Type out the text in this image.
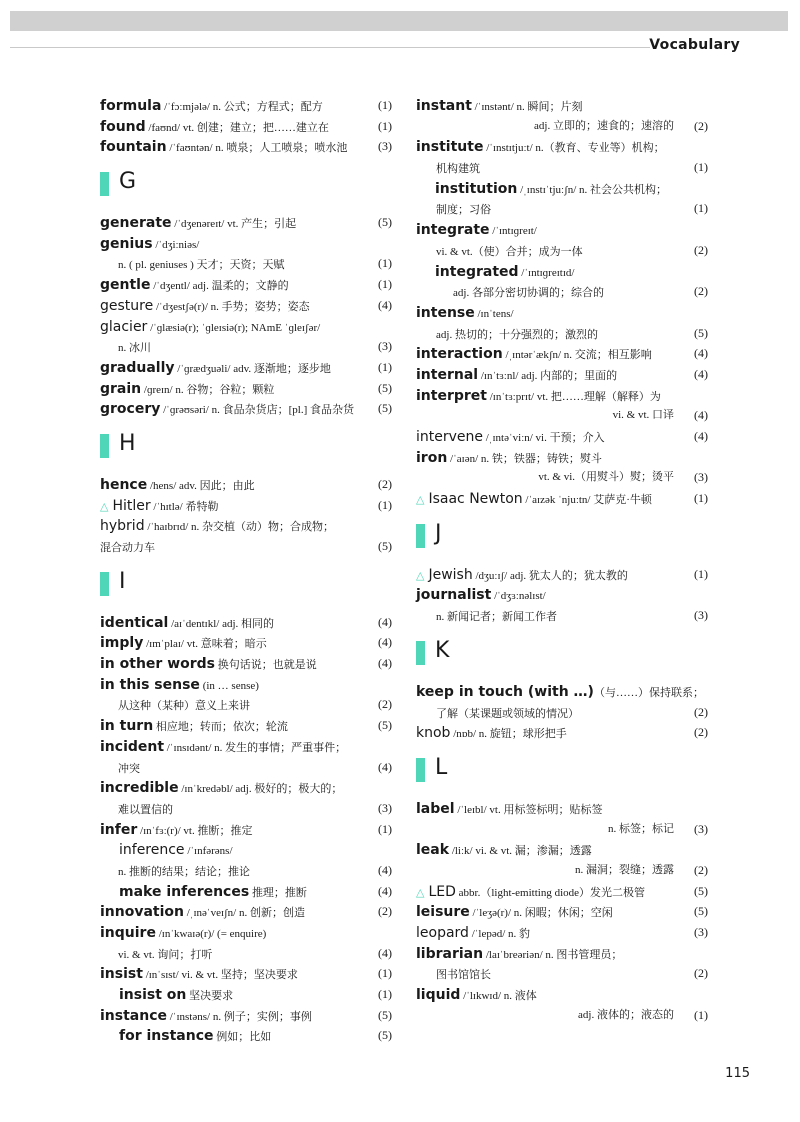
Vocabulary
formula /ˈfɔːmjələ/ n. 公式；方程式；配方	(1)
found /faʊnd/ vt. 创建；建立；把……建立在	(1)
fountain /ˈfaʊntən/ n. 喷泉；人工喷泉；喷水池	(3)
G
generate /ˈdʒenəreɪt/ vt. 产生；引起	(5)
genius /ˈdʒiːniəs/
n. ( pl. geniuses ) 天才；天资；天赋	(1)
gentle /ˈdʒentl/ adj. 温柔的；文静的	(1)
gesture /ˈdʒestʃə(r)/ n. 手势；姿势；姿态	(4)
glacier /ˈɡlæsiə(r); ˈɡleɪsiə(r); NAmE ˈɡleɪʃər/
n. 冰川	(3)
gradually /ˈɡrædʒuəli/ adv. 逐渐地；逐步地	(1)
grain /ɡreɪn/ n. 谷物；谷粒；颗粒	(5)
grocery /ˈɡrəʊsəri/ n. 食品杂货店；[pl.] 食品杂货 (5)
H
hence /hens/ adv. 因此；由此	(2)
△ Hitler /ˈhɪtlə/ 希特勒	(1)
hybrid /ˈhaɪbrɪd/ n. 杂交植（动）物；合成物；
混合动力车	(5)
I
identical /aɪˈdentɪkl/ adj. 相同的	(4)
imply /ɪmˈplaɪ/ vt. 意味着；暗示	(4)
in other words 换句话说；也就是说	(4)
in this sense (in … sense)
从这种（某种）意义上来讲	(2)
in turn 相应地；转而；依次；轮流	(5)
incident /ˈɪnsɪdənt/ n. 发生的事情；严重事件；
冲突	(4)
incredible /ɪnˈkredəbl/ adj. 极好的；极大的；
难以置信的	(3)
infer /ɪnˈfɜː(r)/ vt. 推断；推定	(1)
inference /ˈɪnfərəns/
n. 推断的结果；结论；推论	(4)
make inferences 推理；推断	(4)
innovation /ˌɪnəˈveɪʃn/ n. 创新；创造	(2)
inquire /ɪnˈkwaɪə(r)/ (= enquire)
vi. & vt. 询问；打听	(4)
insist /ɪnˈsɪst/ vi. & vt. 坚持；坚决要求	(1)
insist on 坚决要求	(1)
instance /ˈɪnstəns/ n. 例子；实例；事例	(5)
for instance 例如；比如	(5)
instant /ˈɪnstənt/ n. 瞬间；片刻
adj. 立即的；速食的；速溶的 (2)
institute /ˈɪnstɪtjuːt/ n.（教育、专业等）机构；
机构建筑	(1)
institution /ˌɪnstɪˈtjuːʃn/ n. 社会公共机构；
制度；习俗	(1)
integrate /ˈɪntɪɡreɪt/
vi. & vt.（使）合并；成为一体	(2)
integrated /ˈɪntɪɡreɪtɪd/
adj. 各部分密切协调的；综合的	(2)
intense /ɪnˈtens/
adj. 热切的；十分强烈的；激烈的	(5)
interaction /ˌɪntərˈækʃn/ n. 交流；相互影响	(4)
internal /ɪnˈtɜːnl/ adj. 内部的；里面的	(4)
interpret /ɪnˈtɜːprɪt/ vt. 把……理解（解释）为
vi. & vt. 口译 (4)
intervene /ˌɪntəˈviːn/ vi. 干预；介入	(4)
iron /ˈaɪən/ n. 铁；铁器；铸铁；熨斗
vt. & vi.（用熨斗）熨；烫平 (3)
△ Isaac Newton /ˈaɪzək ˈnjuːtn/ 艾萨克·牛顿	(1)
J
△ Jewish /dʒuːɪʃ/ adj. 犹太人的；犹太教的	(1)
journalist /ˈdʒɜːnəlɪst/
n. 新闻记者；新闻工作者	(3)
K
keep in touch (with …)（与……）保持联系；
了解（某课题或领域的情况）	(2)
knob /nɒb/ n. 旋钮；球形把手	(2)
L
label /ˈleɪbl/ vt. 用标签标明；贴标签
n. 标签；标记 (3)
leak /liːk/ vi. & vt. 漏；渗漏；透露
n. 漏洞；裂缝；透露 (2)
△ LED abbr.（light-emitting diode）发光二极管	(5)
leisure /ˈleʒə(r)/ n. 闲暇；休闲；空闲	(5)
leopard /ˈlepəd/ n. 豹	(3)
librarian /laɪˈbreəriən/ n. 图书管理员；
图书馆馆长	(2)
liquid /ˈlɪkwɪd/ n. 液体
adj. 液体的；液态的 (1)
115
